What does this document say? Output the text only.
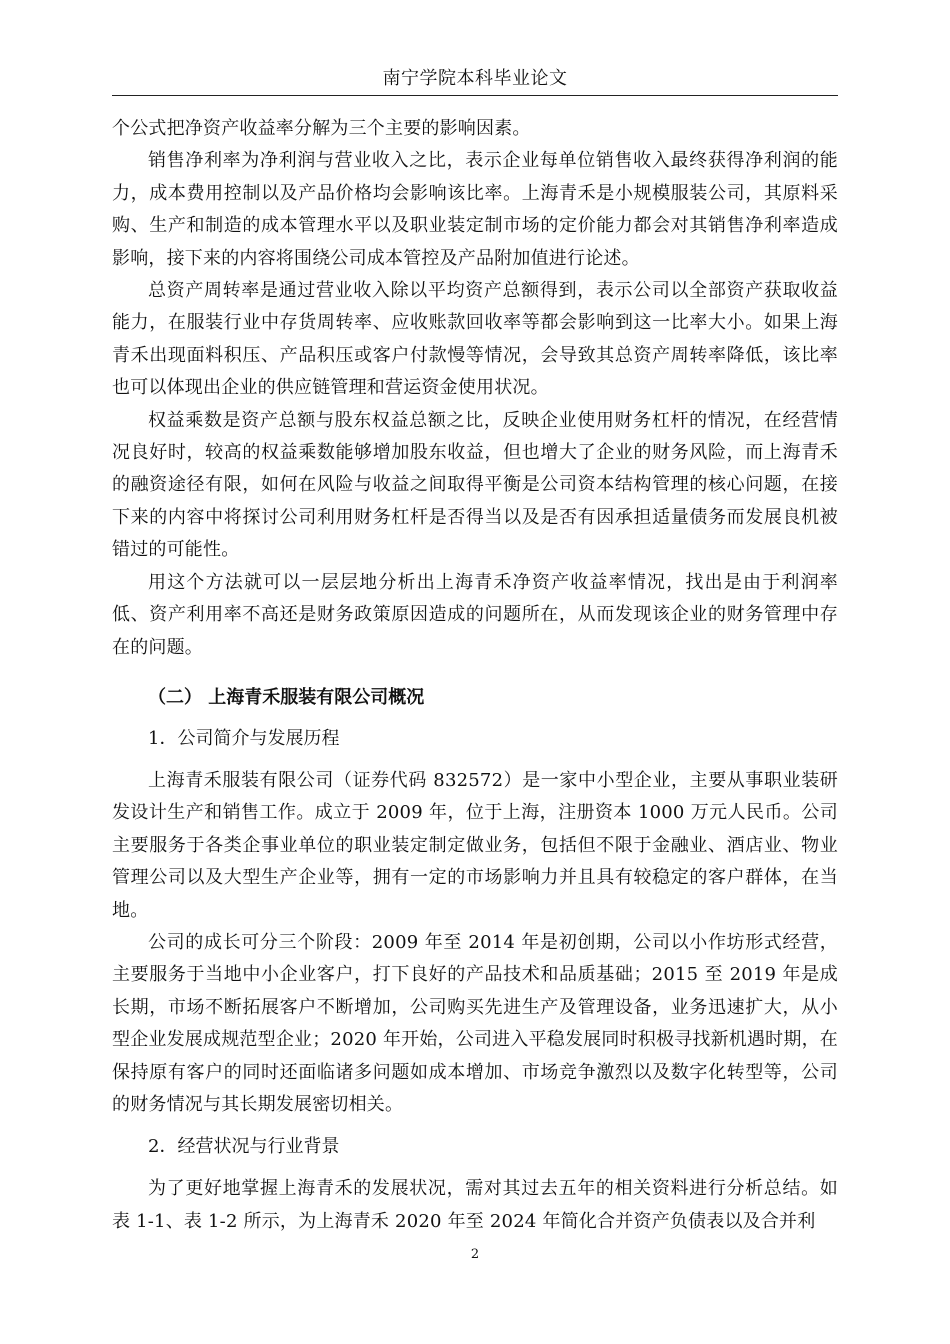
南宁学院本科毕业论文

个公式把净资产收益率分解为三个主要的影响因素。

销售净利率为净利润与营业收入之比，表示企业每单位销售收入最终获得净利润的能力，成本费用控制以及产品价格均会影响该比率。上海青禾是小规模服装公司，其原料采购、生产和制造的成本管理水平以及职业装定制市场的定价能力都会对其销售净利率造成影响，接下来的内容将围绕公司成本管控及产品附加值进行论述。

总资产周转率是通过营业收入除以平均资产总额得到，表示公司以全部资产获取收益能力，在服装行业中存货周转率、应收账款回收率等都会影响到这一比率大小。如果上海青禾出现面料积压、产品积压或客户付款慢等情况，会导致其总资产周转率降低，该比率也可以体现出企业的供应链管理和营运资金使用状况。

权益乘数是资产总额与股东权益总额之比，反映企业使用财务杠杆的情况，在经营情况良好时，较高的权益乘数能够增加股东收益，但也增大了企业的财务风险，而上海青禾的融资途径有限，如何在风险与收益之间取得平衡是公司资本结构管理的核心问题，在接下来的内容中将探讨公司利用财务杠杆是否得当以及是否有因承担适量债务而发展良机被错过的可能性。

用这个方法就可以一层层地分析出上海青禾净资产收益率情况，找出是由于利润率低、资产利用率不高还是财务政策原因造成的问题所在，从而发现该企业的财务管理中存在的问题。

（二） 上海青禾服装有限公司概况

1．公司简介与发展历程

上海青禾服装有限公司（证券代码 832572）是一家中小型企业，主要从事职业装研发设计生产和销售工作。成立于 2009 年，位于上海，注册资本 1000 万元人民币。公司主要服务于各类企事业单位的职业装定制定做业务，包括但不限于金融业、酒店业、物业管理公司以及大型生产企业等，拥有一定的市场影响力并且具有较稳定的客户群体，在当地。

公司的成长可分三个阶段：2009 年至 2014 年是初创期，公司以小作坊形式经营，主要服务于当地中小企业客户，打下良好的产品技术和品质基础；2015 至 2019 年是成长期，市场不断拓展客户不断增加，公司购买先进生产及管理设备，业务迅速扩大，从小型企业发展成规范型企业；2020 年开始，公司进入平稳发展同时积极寻找新机遇时期，在保持原有客户的同时还面临诸多问题如成本增加、市场竞争激烈以及数字化转型等，公司的财务情况与其长期发展密切相关。

2．经营状况与行业背景

为了更好地掌握上海青禾的发展状况，需对其过去五年的相关资料进行分析总结。如表 1-1、表 1-2 所示，为上海青禾 2020 年至 2024 年简化合并资产负债表以及合并利

2
